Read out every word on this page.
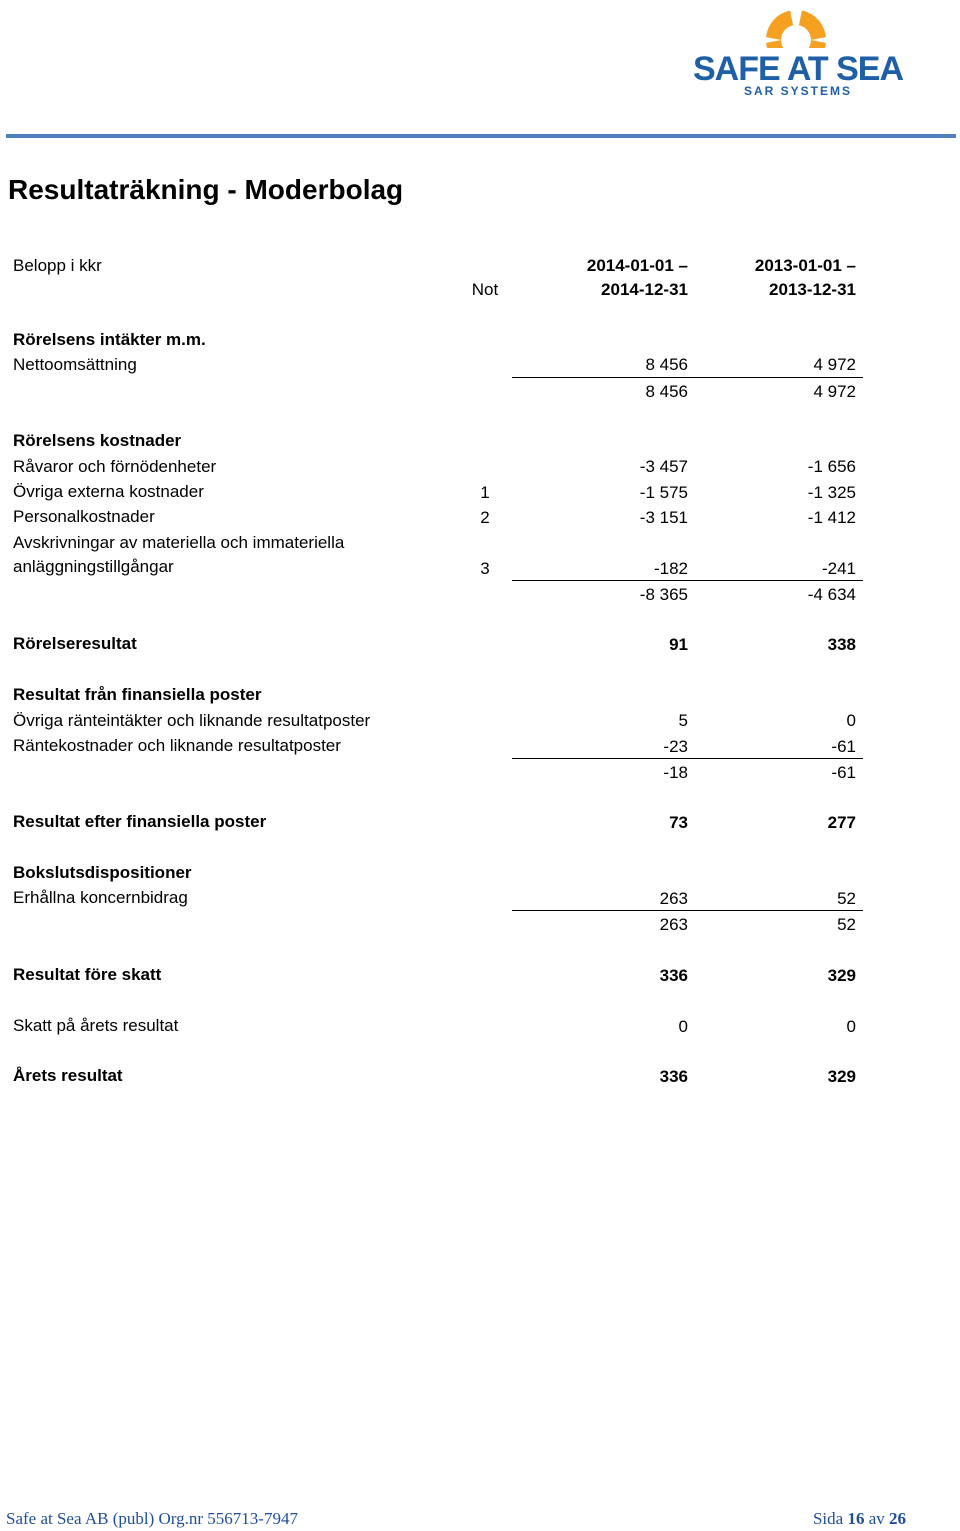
SAFE AT SEA
SAR SYSTEMS
Resultaträkning - Moderbolag
Belopp i kkr	2014-01-01 –	2013-01-01 –
Not	2014-12-31	2013-12-31
Rörelsens intäkter m.m.
Nettoomsättning	8 456	4 972
8 456	4 972
Rörelsens kostnader
Råvaror och förnödenheter	-3 457	-1 656
Övriga externa kostnader	1	-1 575	-1 325
Personalkostnader	2	-3 151	-1 412
Avskrivningar av materiella och immateriella
anläggningstillgångar	3	-182	-241
-8 365	-4 634
Rörelseresultat	91	338
Resultat från finansiella poster
Övriga ränteintäkter och liknande resultatposter	5	0
Räntekostnader och liknande resultatposter	-23	-61
-18	-61
Resultat efter finansiella poster	73	277
Bokslutsdispositioner
Erhållna koncernbidrag	263	52
263	52
Resultat före skatt	336	329
Skatt på årets resultat	0	0
Årets resultat	336	329
Safe at Sea AB (publ) Org.nr 556713-7947	Sida 16 av 26
